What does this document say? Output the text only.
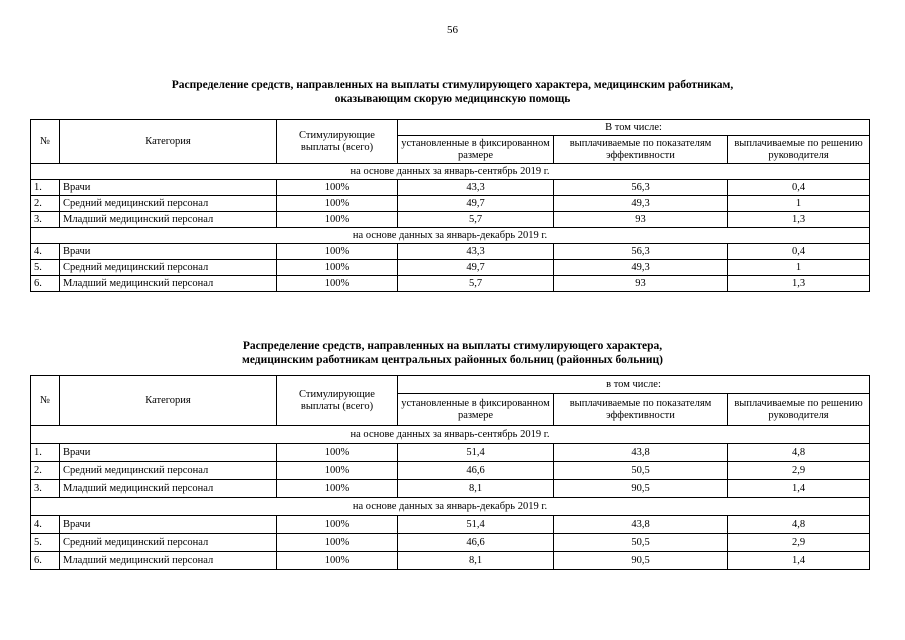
56
Распределение средств, направленных на выплаты стимулирующего характера, медицинским работникам,
оказывающим скорую медицинскую помощь
№	Категория	Стимулирующие выплаты (всего)	В том числе:		
			установленные в фиксированном размере	выплачиваемые по показателям эффективности	выплачиваемые по решению руководителя
на основе данных за январь-сентябрь 2019 г.					
1.	Врачи	100%	43,3	56,3	0,4
2.	Средний медицинский персонал	100%	49,7	49,3	1
3.	Младший медицинский персонал	100%	5,7	93	1,3
на основе данных за январь-декабрь 2019 г.					
4.	Врачи	100%	43,3	56,3	0,4
5.	Средний медицинский персонал	100%	49,7	49,3	1
6.	Младший медицинский персонал	100%	5,7	93	1,3
Распределение средств, направленных на выплаты стимулирующего характера,
медицинским работникам центральных районных больниц (районных больниц)
№	Категория	Стимулирующие выплаты (всего)	в том числе:		
			установленные в фиксированном размере	выплачиваемые по показателям эффективности	выплачиваемые по решению руководителя
на основе данных за январь-сентябрь 2019 г.					
1.	Врачи	100%	51,4	43,8	4,8
2.	Средний медицинский персонал	100%	46,6	50,5	2,9
3.	Младший медицинский персонал	100%	8,1	90,5	1,4
на основе данных за январь-декабрь 2019 г.					
4.	Врачи	100%	51,4	43,8	4,8
5.	Средний медицинский персонал	100%	46,6	50,5	2,9
6.	Младший медицинский персонал	100%	8,1	90,5	1,4
